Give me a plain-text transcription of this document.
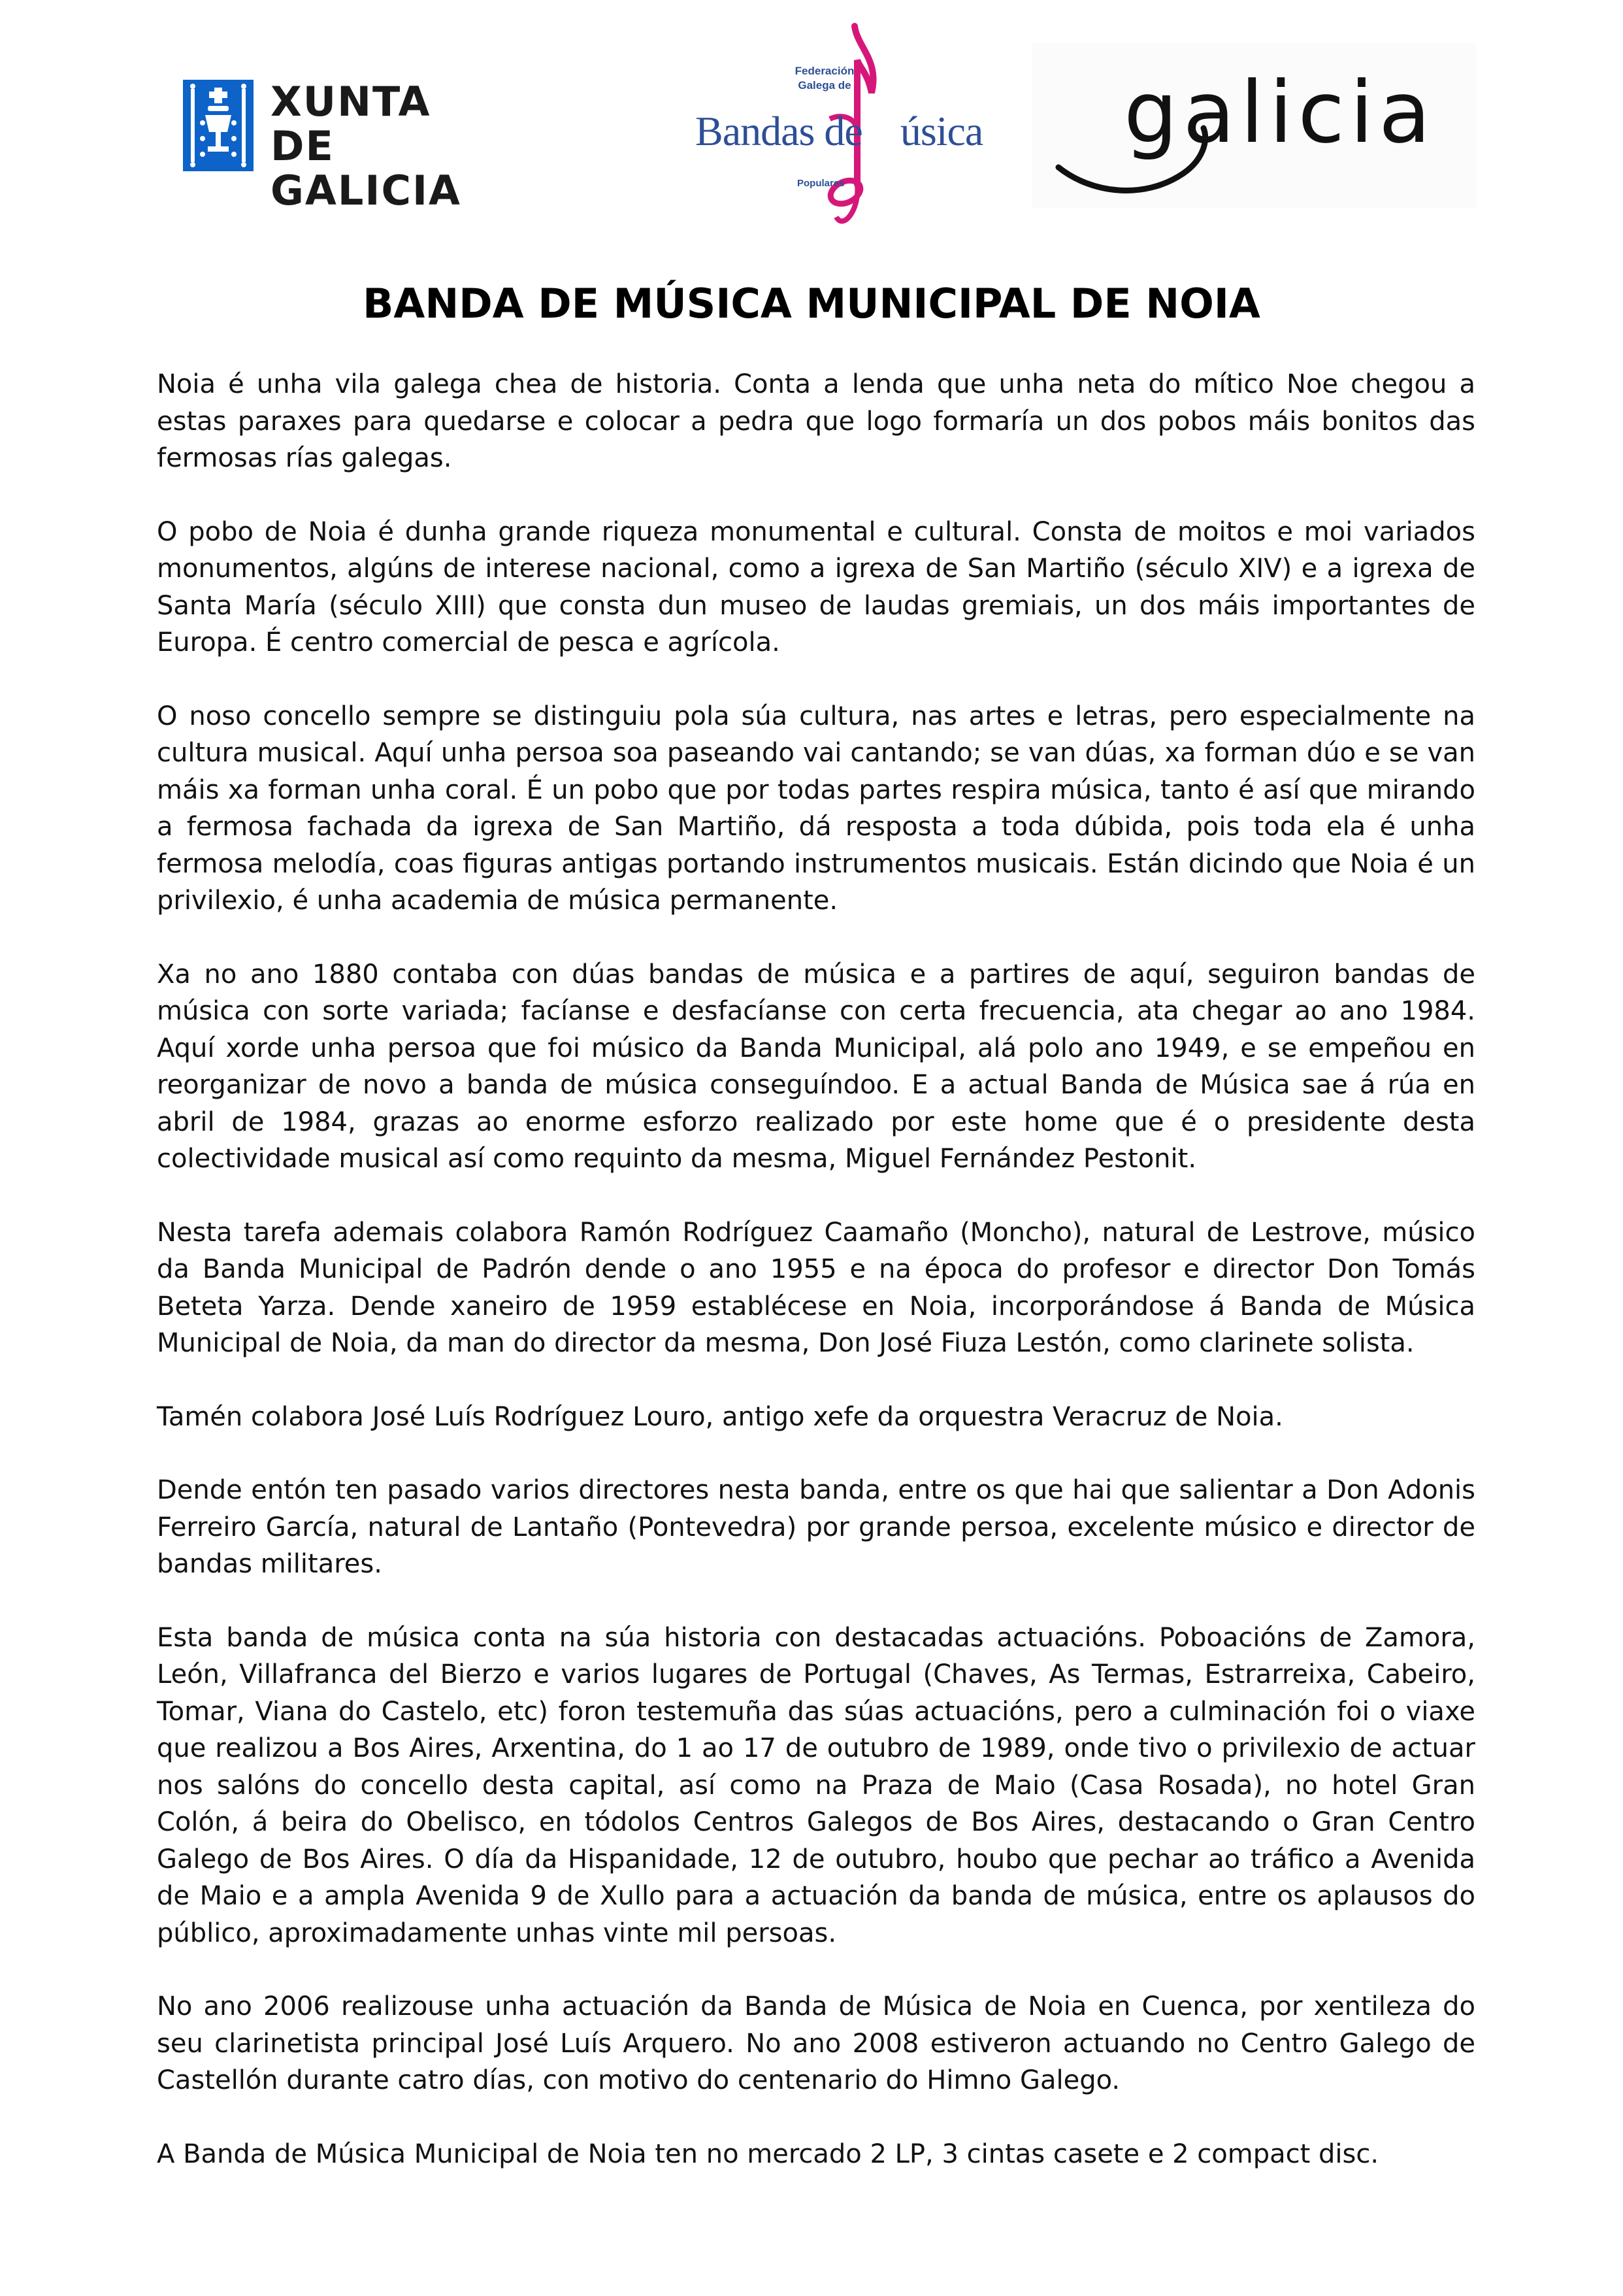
XUNTA
DE GALICIA
Federación
Galega de
Bandas de úsica
Populares
galicia
BANDA DE MÚSICA MUNICIPAL DE NOIA

Noia é unha vila galega chea de historia. Conta a lenda que unha neta do mítico Noe chegou a estas paraxes para quedarse e colocar a pedra que logo formaría un dos pobos máis bonitos das fermosas rías galegas.

O pobo de Noia é dunha grande riqueza monumental e cultural. Consta de moitos e moi variados monumentos, algúns de interese nacional, como a igrexa de San Martiño (século XIV) e a igrexa de Santa María (século XIII) que consta dun museo de laudas gremiais, un dos máis importantes de Europa. É centro comercial de pesca e agrícola.

O noso concello sempre se distinguiu pola súa cultura, nas artes e letras, pero especialmente na cultura musical. Aquí unha persoa soa paseando vai cantando; se van dúas, xa forman dúo e se van máis xa forman unha coral. É un pobo que por todas partes respira música, tanto é así que mirando a fermosa fachada da igrexa de San Martiño, dá resposta a toda dúbida, pois toda ela é unha fermosa melodía, coas figuras antigas portando instrumentos musicais. Están dicindo que Noia é un privilexio, é unha academia de música permanente.

Xa no ano 1880 contaba con dúas bandas de música e a partires de aquí, seguiron bandas de música con sorte variada; facíanse e desfacíanse con certa frecuencia, ata chegar ao ano 1984. Aquí xorde unha persoa que foi músico da Banda Municipal, alá polo ano 1949, e se empeñou en reorganizar de novo a banda de música conseguíndoo. E a actual Banda de Música sae á rúa en abril de 1984, grazas ao enorme esforzo realizado por este home que é o presidente desta colectividade musical así como requinto da mesma, Miguel Fernández Pestonit.

Nesta tarefa ademais colabora Ramón Rodríguez Caamaño (Moncho), natural de Lestrove, músico da Banda Municipal de Padrón dende o ano 1955 e na época do profesor e director Don Tomás Beteta Yarza. Dende xaneiro de 1959 establécese en Noia, incorporándose á Banda de Música Municipal de Noia, da man do director da mesma, Don José Fiuza Lestón, como clarinete solista.

Tamén colabora José Luís Rodríguez Louro, antigo xefe da orquestra Veracruz de Noia.

Dende entón ten pasado varios directores nesta banda, entre os que hai que salientar a Don Adonis Ferreiro García, natural de Lantaño (Pontevedra) por grande persoa, excelente músico e director de bandas militares.

Esta banda de música conta na súa historia con destacadas actuacións. Poboacións de Zamora, León, Villafranca del Bierzo e varios lugares de Portugal (Chaves, As Termas, Estrarreixa, Cabeiro, Tomar, Viana do Castelo, etc) foron testemuña das súas actuacións, pero a culminación foi o viaxe que realizou a Bos Aires, Arxentina, do 1 ao 17 de outubro de 1989, onde tivo o privilexio de actuar nos salóns do concello desta capital, así como na Praza de Maio (Casa Rosada), no hotel Gran Colón, á beira do Obelisco, en tódolos Centros Galegos de Bos Aires, destacando o Gran Centro Galego de Bos Aires. O día da Hispanidade, 12 de outubro, houbo que pechar ao tráfico a Avenida de Maio e a ampla Avenida 9 de Xullo para a actuación da banda de música, entre os aplausos do público, aproximadamente unhas vinte mil persoas.

No ano 2006 realizouse unha actuación da Banda de Música de Noia en Cuenca, por xentileza do seu clarinetista principal José Luís Arquero. No ano 2008 estiveron actuando no Centro Galego de Castellón durante catro días, con motivo do centenario do Himno Galego.

A Banda de Música Municipal de Noia ten no mercado 2 LP, 3 cintas casete e 2 compact disc.
